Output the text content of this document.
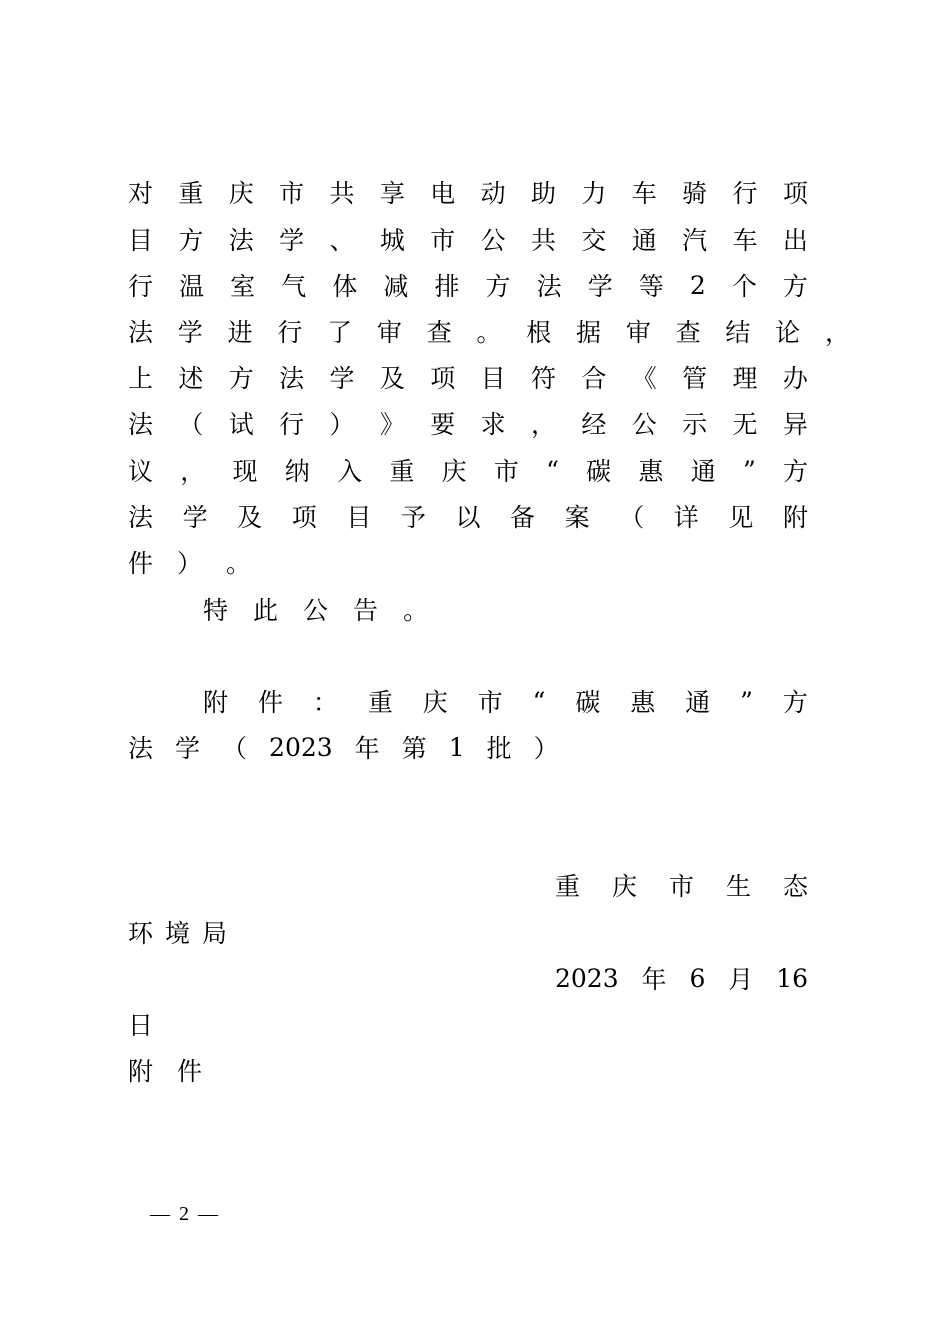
对 重 庆 市 共 享 电 动 助 力 车 骑 行 项
目 方 法 学 、 城 市 公 共 交 通 汽 车 出
行 温 室 气 体 减 排 方 法 学 等 2 个 方
法 学 进 行 了 审 查 。 根 据 审 查 结 论 ，
上 述 方 法 学 及 项 目 符 合 《 管 理 办
法 （ 试 行 ） 》 要 求 ， 经 公 示 无 异
议 ， 现 纳 入 重 庆 市 “ 碳 惠 通 ” 方
法 学 及 项 目 予 以 备 案 （ 详 见 附
件 ） 。
特 此 公 告 。
附 件 ： 重 庆 市 “ 碳 惠 通 ” 方
法 学 （ 2023 年 第 1 批 ）
重 庆 市 生 态
环 境 局
2023 年 6 月 16
日
附 件
— 2 —
